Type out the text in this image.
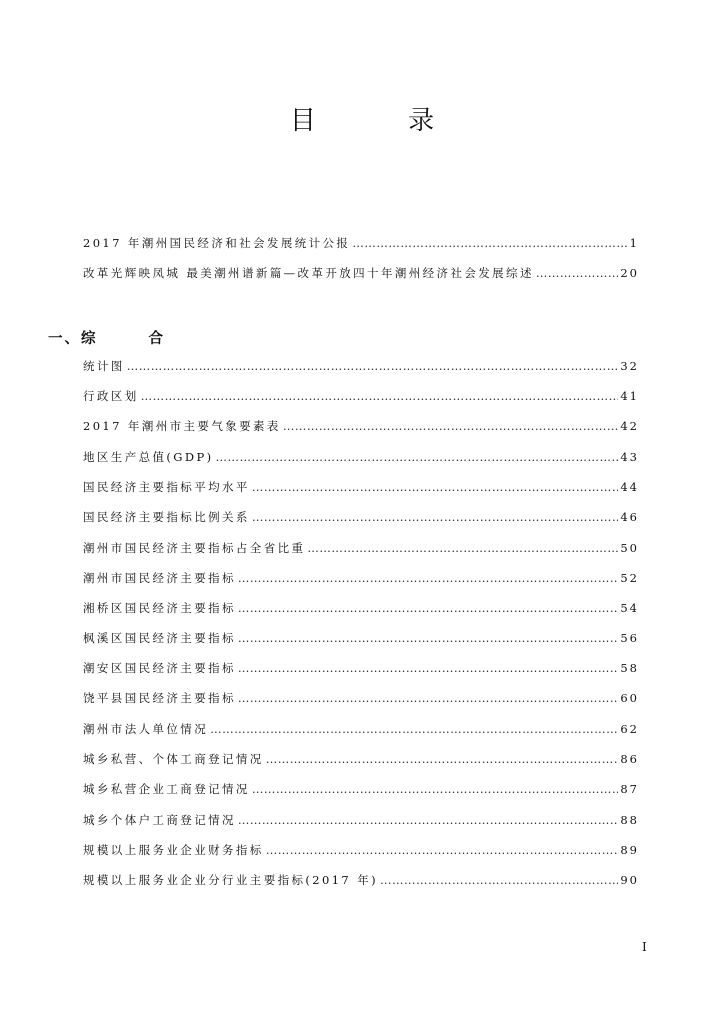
目 录
2017 年潮州国民经济和社会发展统计公报 …………………………………………………………………………………………………………………………………………………………………………………	1
改革光辉映凤城 最美潮州谱新篇—改革开放四十年潮州经济社会发展综述 …………………………………………………………………………………………………………………………………………………………………………………	20
一、综 合
统计图 …………………………………………………………………………………………………………………………………………………………………………………	32
行政区划 …………………………………………………………………………………………………………………………………………………………………………………	41
2017 年潮州市主要气象要素表 …………………………………………………………………………………………………………………………………………………………………………………	42
地区生产总值(GDP) …………………………………………………………………………………………………………………………………………………………………………………	43
国民经济主要指标平均水平 …………………………………………………………………………………………………………………………………………………………………………………	44
国民经济主要指标比例关系 …………………………………………………………………………………………………………………………………………………………………………………	46
潮州市国民经济主要指标占全省比重 …………………………………………………………………………………………………………………………………………………………………………………	50
潮州市国民经济主要指标 …………………………………………………………………………………………………………………………………………………………………………………	52
湘桥区国民经济主要指标 …………………………………………………………………………………………………………………………………………………………………………………	54
枫溪区国民经济主要指标 …………………………………………………………………………………………………………………………………………………………………………………	56
潮安区国民经济主要指标 …………………………………………………………………………………………………………………………………………………………………………………	58
饶平县国民经济主要指标 …………………………………………………………………………………………………………………………………………………………………………………	60
潮州市法人单位情况 …………………………………………………………………………………………………………………………………………………………………………………	62
城乡私营、个体工商登记情况 …………………………………………………………………………………………………………………………………………………………………………………	86
城乡私营企业工商登记情况 …………………………………………………………………………………………………………………………………………………………………………………	87
城乡个体户工商登记情况 …………………………………………………………………………………………………………………………………………………………………………………	88
规模以上服务业企业财务指标 …………………………………………………………………………………………………………………………………………………………………………………	89
规模以上服务业企业分行业主要指标(2017 年) …………………………………………………………………………………………………………………………………………………………………………………	90
I
